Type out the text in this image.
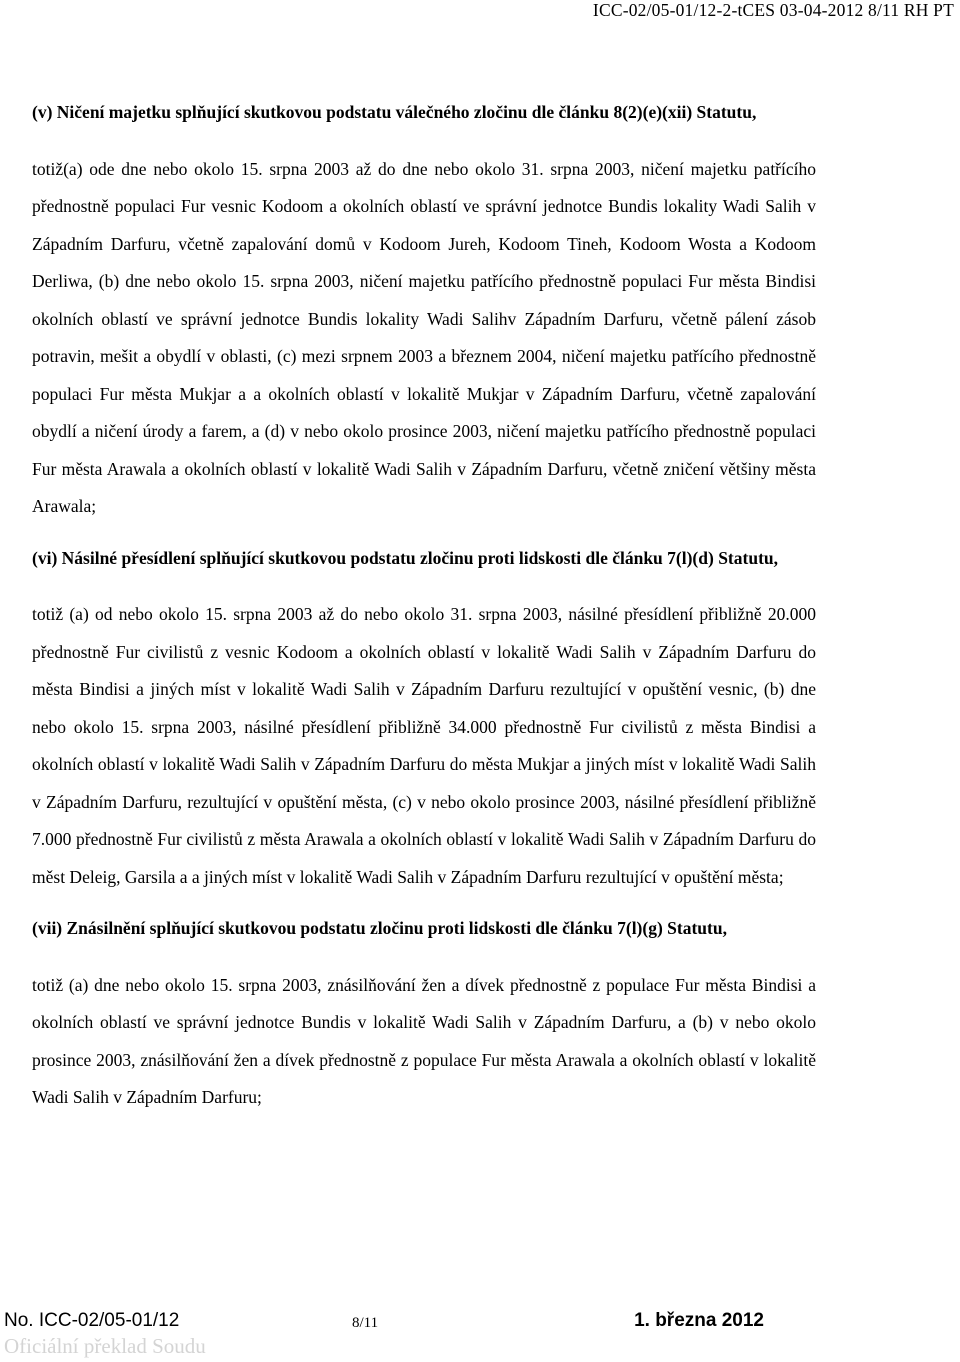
ICC-02/05-01/12-2-tCES 03-04-2012 8/11 RH PT

(v) Ničení majetku splňující skutkovou podstatu válečného zločinu dle článku 8(2)(e)(xii) Statutu,

totiž(a) ode dne nebo okolo 15. srpna 2003 až do dne nebo okolo 31. srpna 2003, ničení majetku patřícího přednostně populaci Fur vesnic Kodoom a okolních oblastí ve správní jednotce Bundis lokality Wadi Salih v Západním Darfuru, včetně zapalování domů v Kodoom Jureh, Kodoom Tineh, Kodoom Wosta a Kodoom Derliwa, (b) dne nebo okolo 15. srpna 2003, ničení majetku patřícího přednostně populaci Fur města Bindisi okolních oblastí ve správní jednotce Bundis lokality Wadi Salihv Západním Darfuru, včetně pálení zásob potravin, mešit a obydlí v oblasti, (c) mezi srpnem 2003 a březnem 2004, ničení majetku patřícího přednostně populaci Fur města Mukjar a a okolních oblastí v lokalitě Mukjar v Západním Darfuru, včetně zapalování obydlí a ničení úrody a farem, a (d) v nebo okolo prosince 2003, ničení majetku patřícího přednostně populaci Fur města Arawala a okolních oblastí v lokalitě Wadi Salih v Západním Darfuru, včetně zničení většiny města Arawala;

(vi) Násilné přesídlení splňující skutkovou podstatu zločinu proti lidskosti dle článku 7(l)(d) Statutu,

totiž (a) od nebo okolo 15. srpna 2003 až do nebo okolo 31. srpna 2003, násilné přesídlení přibližně 20.000 přednostně Fur civilistů z vesnic Kodoom a okolních oblastí v lokalitě Wadi Salih v Západním Darfuru do města Bindisi a jiných míst v lokalitě Wadi Salih v Západním Darfuru rezultující v opuštění vesnic, (b) dne nebo okolo 15. srpna 2003, násilné přesídlení přibližně 34.000 přednostně Fur civilistů z města Bindisi a okolních oblastí v lokalitě Wadi Salih v Západním Darfuru do města Mukjar a jiných míst v lokalitě Wadi Salih v Západním Darfuru, rezultující v opuštění města, (c) v nebo okolo prosince 2003, násilné přesídlení přibližně 7.000 přednostně Fur civilistů z města Arawala a okolních oblastí v lokalitě Wadi Salih v Západním Darfuru do měst Deleig, Garsila a a jiných míst v lokalitě Wadi Salih v Západním Darfuru rezultující v opuštění města;

(vii) Znásilnění splňující skutkovou podstatu zločinu proti lidskosti dle článku 7(l)(g) Statutu,

totiž (a) dne nebo okolo 15. srpna 2003, znásilňování žen a dívek přednostně z populace Fur města Bindisi a okolních oblastí ve správní jednotce Bundis v lokalitě Wadi Salih v Západním Darfuru, a (b) v nebo okolo prosince 2003, znásilňování žen a dívek přednostně z populace Fur města Arawala a okolních oblastí v lokalitě Wadi Salih v Západním Darfuru;

No. ICC-02/05-01/12	8/11	1. března 2012
Oficiální překlad Soudu
